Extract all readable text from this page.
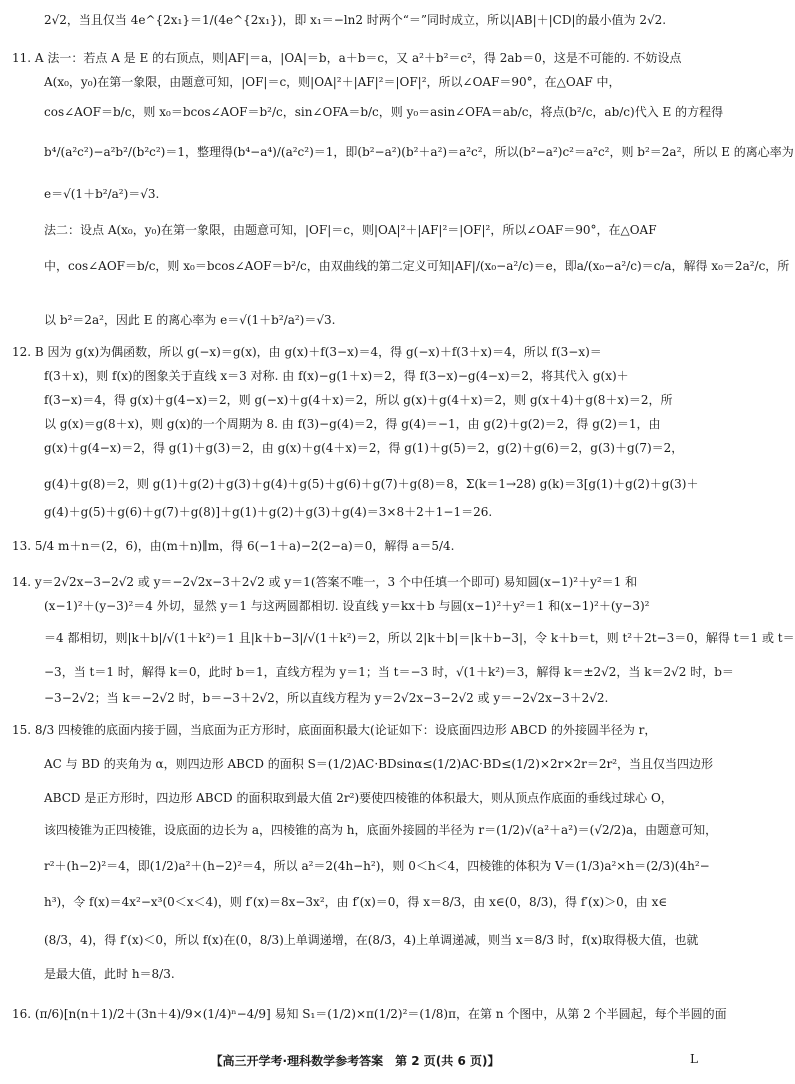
2√2，当且仅当 4e^{2x₁}＝1/(4e^{2x₁})，即 x₁＝−ln2 时两个“＝”同时成立，所以|AB|＋|CD|的最小值为 2√2.
11. A 法一：若点 A 是 E 的右顶点，则|AF|＝a，|OA|＝b，a＋b＝c，又 a²＋b²＝c²，得 2ab＝0，这是不可能的. 不妨设点
A(x₀，y₀)在第一象限，由题意可知，|OF|＝c，则|OA|²＋|AF|²＝|OF|²，所以∠OAF＝90°，在△OAF 中，
cos∠AOF＝b/c，则 x₀＝bcos∠AOF＝b²/c，sin∠OFA＝b/c，则 y₀＝asin∠OFA＝ab/c，将点(b²/c，ab/c)代入 E 的方程得
b⁴/(a²c²)−a²b²/(b²c²)＝1，整理得(b⁴−a⁴)/(a²c²)＝1，即(b²−a²)(b²＋a²)＝a²c²，所以(b²−a²)c²＝a²c²，则 b²＝2a²，所以 E 的离心率为
e＝√(1＋b²/a²)＝√3.
法二：设点 A(x₀，y₀)在第一象限，由题意可知，|OF|＝c，则|OA|²＋|AF|²＝|OF|²，所以∠OAF＝90°，在△OAF
中，cos∠AOF＝b/c，则 x₀＝bcos∠AOF＝b²/c，由双曲线的第二定义可知|AF|/(x₀−a²/c)＝e，即a/(x₀−a²/c)＝c/a，解得 x₀＝2a²/c，所
以 b²＝2a²，因此 E 的离心率为 e＝√(1＋b²/a²)＝√3.
12. B 因为 g(x)为偶函数，所以 g(−x)＝g(x)，由 g(x)＋f(3−x)＝4，得 g(−x)＋f(3＋x)＝4，所以 f(3−x)＝
f(3＋x)，则 f(x)的图象关于直线 x＝3 对称. 由 f(x)−g(1＋x)＝2，得 f(3−x)−g(4−x)＝2，将其代入 g(x)＋
f(3−x)＝4，得 g(x)＋g(4−x)＝2，则 g(−x)＋g(4＋x)＝2，所以 g(x)＋g(4＋x)＝2，则 g(x＋4)＋g(8＋x)＝2，所
以 g(x)＝g(8＋x)，则 g(x)的一个周期为 8. 由 f(3)−g(4)＝2，得 g(4)＝−1，由 g(2)＋g(2)＝2，得 g(2)＝1，由
g(x)＋g(4−x)＝2，得 g(1)＋g(3)＝2，由 g(x)＋g(4＋x)＝2，得 g(1)＋g(5)＝2，g(2)＋g(6)＝2，g(3)＋g(7)＝2，
g(4)＋g(8)＝2，则 g(1)＋g(2)＋g(3)＋g(4)＋g(5)＋g(6)＋g(7)＋g(8)＝8，Σ(k＝1→28) g(k)＝3[g(1)＋g(2)＋g(3)＋
g(4)＋g(5)＋g(6)＋g(7)＋g(8)]＋g(1)＋g(2)＋g(3)＋g(4)＝3×8＋2＋1−1＝26.
13. 5/4 m＋n＝(2，6)，由(m＋n)∥m，得 6(−1＋a)−2(2−a)＝0，解得 a＝5/4.
14. y＝2√2x−3−2√2 或 y＝−2√2x−3＋2√2 或 y＝1(答案不唯一，3 个中任填一个即可) 易知圆(x−1)²＋y²＝1 和
(x−1)²＋(y−3)²＝4 外切，显然 y＝1 与这两圆都相切. 设直线 y＝kx＋b 与圆(x−1)²＋y²＝1 和(x−1)²＋(y−3)²
＝4 都相切，则|k＋b|/√(1＋k²)＝1 且|k＋b−3|/√(1＋k²)＝2，所以 2|k＋b|＝|k＋b−3|，令 k＋b＝t，则 t²＋2t−3＝0，解得 t＝1 或 t＝
−3，当 t＝1 时，解得 k＝0，此时 b＝1，直线方程为 y＝1；当 t＝−3 时，√(1＋k²)＝3，解得 k＝±2√2，当 k＝2√2 时，b＝
−3−2√2；当 k＝−2√2 时，b＝−3＋2√2，所以直线方程为 y＝2√2x−3−2√2 或 y＝−2√2x−3＋2√2.
15. 8/3 四棱锥的底面内接于圆，当底面为正方形时，底面面积最大(论证如下：设底面四边形 ABCD 的外接圆半径为 r，
AC 与 BD 的夹角为 α，则四边形 ABCD 的面积 S＝(1/2)AC·BDsinα≤(1/2)AC·BD≤(1/2)×2r×2r＝2r²，当且仅当四边形
ABCD 是正方形时，四边形 ABCD 的面积取到最大值 2r²)要使四棱锥的体积最大，则从顶点作底面的垂线过球心 O，
该四棱锥为正四棱锥，设底面的边长为 a，四棱锥的高为 h，底面外接圆的半径为 r＝(1/2)√(a²＋a²)＝(√2/2)a，由题意可知，
r²＋(h−2)²＝4，即(1/2)a²＋(h−2)²＝4，所以 a²＝2(4h−h²)，则 0＜h＜4，四棱锥的体积为 V＝(1/3)a²×h＝(2/3)(4h²−
h³)，令 f(x)＝4x²−x³(0＜x＜4)，则 f′(x)＝8x−3x²，由 f′(x)＝0，得 x＝8/3，由 x∈(0，8/3)，得 f′(x)＞0，由 x∈
(8/3，4)，得 f′(x)＜0，所以 f(x)在(0，8/3)上单调递增，在(8/3，4)上单调递减，则当 x＝8/3 时，f(x)取得极大值，也就
是最大值，此时 h＝8/3.
16. (π/6)[n(n＋1)/2＋(3n＋4)/9×(1/4)ⁿ−4/9] 易知 S₁＝(1/2)×π(1/2)²＝(1/8)π，在第 n 个图中，从第 2 个半圆起，每个半圆的面
【高三开学考·理科数学参考答案　第 2 页(共 6 页)】	L
